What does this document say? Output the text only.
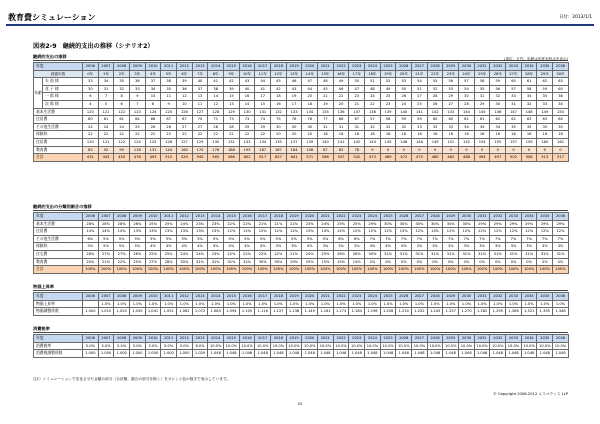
教育費シミュレーション	日付：2013/1/1
図表2-9　継続的支出の推移（シナリオ2）
継続的支出の推移	(単位：万円。年齢は年度末時点を表示)
年度		2006	2007	2008	2009	2010	2011	2012	2013	2014	2015	2016	2017	2018	2019	2020	2021	2022	2023	2024	2025	2026	2027	2028	2029	2030	2031	2032	2033	2034	2035	2036
経過年数		0年	1年	2年	3年	4年	5年	6年	7年	8年	9年	10年	11年	12年	13年	14年	15年	16年	17年	18年	19年	20年	21年	22年	23年	24年	25年	26年	27年	28年	29年	30年
年齢	夫 前 様	33	34	35	36	37	38	39	40	41	42	43	44	45	46	47	48	49	50	51	52	53	54	55	56	57	58	59	60	61	62	63
	花 子 様	30	31	32	33	34	35	36	37	38	39	40	41	42	43	44	45	46	47	48	49	50	51	52	53	54	55	56	57	58	59	60
	一 郎 様	6	7	8	9	10	11	12	13	14	15	16	17	18	19	20	21	22	23	24	25	26	27	28	29	30	31	32	33	34	35	36
	次 郎 様	4	5	6	7	8	9	10	11	12	13	14	15	16	17	18	19	20	21	22	23	24	25	26	27	28	29	30	31	32	33	34
基本生活費		120	121	122	123	124	125	126	127	128	129	130	131	132	133	134	135	136	137	138	139	140	141	142	143	144	145	146	147	148	149	150
住居費		60	61	61	64	66	67	67	70	71	73	73	74	75	76	76	77	66	67	57	58	59	59	60	60	61	61	62	62	63	63	64
その他生活費		24	24	24	25	26	26	27	27	28	28	29	29	30	30	30	31	31	31	32	32	32	33	33	33	34	34	34	35	35	35	35
保険料		22	22	22	22	22	22	22	22	22	22	22	22	20	20	20	18	18	18	18	18	18	16	16	16	16	16	16	16	16	16	16
住居費		120	121	122	124	125	126	127	129	130	131	133	134	135	137	139	140	141	142	144	145	146	148	149	151	152	154	155	157	159	160	162
教育費		85	92	99	118	131	144	160	170	176	188	195	187	187	184	108	87	82	78	9	0	0	0	0	0	0	0	0	0	0	0	0
合計		431	443	450	476	493	510	529	545	565	586	602	617	627	641	571	568	547	542	473	469	472	475	480	483	488	494	497	502	508	513	517
継続的支出の分類別割合の推移
年度	2006	2007	2008	2009	2010	2011	2012	2013	2014	2015	2016	2017	2018	2019	2020	2021	2022	2023	2024	2025	2026	2027	2028	2029	2030	2031	2032	2033	2034	2035	2036
基本生活費	28%	28%	28%	26%	25%	25%	24%	23%	23%	22%	22%	21%	21%	21%	23%	24%	25%	25%	29%	30%	30%	30%	30%	30%	30%	29%	29%	29%	29%	29%	29%
住居費	14%	14%	14%	13%	13%	13%	13%	13%	13%	12%	12%	12%	12%	12%	13%	14%	12%	12%	12%	12%	13%	12%	13%	12%	12%	12%	12%	12%	12%	12%	12%
その他生活費	6%	5%	5%	5%	5%	5%	5%	5%	5%	5%	5%	5%	5%	5%	5%	5%	6%	6%	7%	7%	7%	7%	7%	7%	7%	7%	7%	7%	7%	7%	7%
保険料	5%	5%	5%	5%	4%	4%	4%	4%	4%	4%	4%	4%	3%	3%	4%	3%	3%	3%	4%	4%	4%	3%	3%	3%	3%	3%	3%	3%	3%	3%	3%
住宅費	28%	27%	27%	26%	25%	25%	24%	24%	23%	22%	22%	22%	22%	21%	24%	25%	26%	26%	30%	31%	31%	31%	31%	31%	31%	31%	31%	31%	31%	31%	31%
教育費	20%	21%	22%	25%	27%	28%	30%	31%	31%	32%	32%	30%	30%	29%	19%	15%	15%	14%	2%	0%	0%	0%	0%	0%	0%	0%	0%	0%	0%	0%	0%
合計	100%	100%	100%	100%	100%	100%	100%	100%	100%	100%	100%	100%	100%	100%	100%	100%	100%	100%	100%	100%	100%	100%	100%	100%	100%	100%	100%	100%	100%	100%	100%
物価上昇率
年度	2006	2007	2008	2009	2010	2011	2012	2013	2014	2015	2016	2017	2018	2019	2020	2021	2022	2023	2024	2025	2026	2027	2028	2029	2030	2031	2032	2033	2034	2035	2036
物価上昇率		1.0%	1.0%	1.0%	1.0%	1.0%	1.0%	1.0%	1.0%	1.0%	1.0%	1.0%	1.0%	1.0%	1.0%	1.0%	1.0%	1.0%	1.0%	1.0%	1.0%	1.0%	1.0%	1.0%	1.0%	1.0%	1.0%	1.0%	1.0%	1.0%	1.0%
物価調整係数	1.000	1.010	1.020	1.030	1.041	1.051	1.062	1.072	1.083	1.094	1.105	1.116	1.127	1.138	1.149	1.161	1.173	1.184	1.196	1.208	1.220	1.232	1.245	1.257	1.270	1.282	1.295	1.308	1.321	1.335	1.348
消費税率
年度	2006	2007	2008	2009	2010	2011	2012	2013	2014	2015	2016	2017	2018	2019	2020	2021	2022	2023	2024	2025	2026	2027	2028	2029	2030	2031	2032	2033	2034	2035	2036
消費税率	5.0%	5.0%	5.0%	5.0%	5.0%	5.0%	5.0%	8.0%	10.0%	10.0%	10.0%	10.0%	10.0%	10.0%	10.0%	10.0%	10.0%	10.0%	10.0%	10.0%	10.0%	10.0%	10.0%	10.0%	10.0%	10.0%	10.0%	10.0%	10.0%	10.0%	10.0%
消費税調整係数	1.000	1.000	1.000	1.000	1.000	1.000	1.000	1.029	1.048	1.048	1.048	1.048	1.048	1.048	1.048	1.048	1.048	1.048	1.048	1.048	1.048	1.048	1.048	1.048	1.048	1.048	1.048	1.048	1.048	1.048	1.048
注1）シミュレーションで変化させた金額の部分（合計額、割合の部分を除く）をオレンジ色の数字で表示しています。
© Copyright 2006-2012 エスペランス LLP
25
